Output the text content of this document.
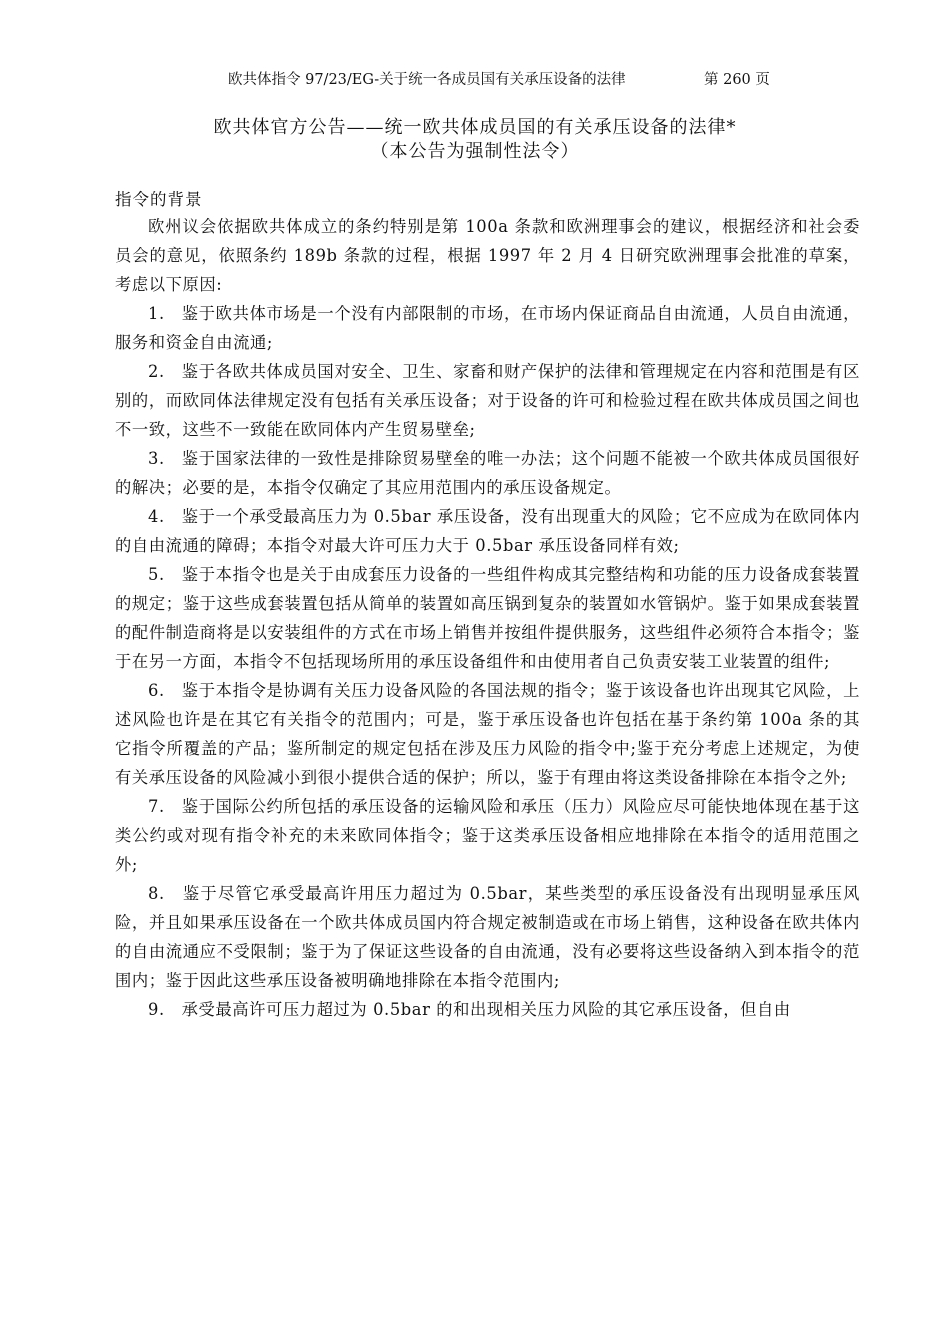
欧共体指令 97/23/EG-关于统一各成员国有关承压设备的法律	第 260 页
欧共体官方公告——统一欧共体成员国的有关承压设备的法律*
（本公告为强制性法令）
指令的背景

欧州议会依据欧共体成立的条约特别是第 100a 条款和欧洲理事会的建议，根据经济和社会委员会的意见，依照条约 189b 条款的过程，根据 1997 年 2 月 4 日研究欧洲理事会批准的草案，考虑以下原因:

1.　鉴于欧共体市场是一个没有内部限制的市场，在市场内保证商品自由流通，人员自由流通，服务和资金自由流通;

2.　鉴于各欧共体成员国对安全、卫生、家畜和财产保护的法律和管理规定在内容和范围是有区别的，而欧同体法律规定没有包括有关承压设备；对于设备的许可和检验过程在欧共体成员国之间也不一致，这些不一致能在欧同体内产生贸易壁垒;

3.　鉴于国家法律的一致性是排除贸易壁垒的唯一办法；这个问题不能被一个欧共体成员国很好的解决；必要的是，本指令仅确定了其应用范围内的承压设备规定。

4.　鉴于一个承受最高压力为 0.5bar 承压设备，没有出现重大的风险；它不应成为在欧同体内的自由流通的障碍；本指令对最大许可压力大于 0.5bar 承压设备同样有效;

5.　鉴于本指令也是关于由成套压力设备的一些组件构成其完整结构和功能的压力设备成套装置的规定；鉴于这些成套装置包括从简单的装置如高压锅到复杂的装置如水管锅炉。鉴于如果成套装置的配件制造商将是以安装组件的方式在市场上销售并按组件提供服务，这些组件必须符合本指令；鉴于在另一方面，本指令不包括现场所用的承压设备组件和由使用者自己负责安装工业装置的组件;

6.　鉴于本指令是协调有关压力设备风险的各国法规的指令；鉴于该设备也许出现其它风险，上述风险也许是在其它有关指令的范围内；可是，鉴于承压设备也许包括在基于条约第 100a 条的其它指令所覆盖的产品；鉴所制定的规定包括在涉及压力风险的指令中;鉴于充分考虑上述规定，为使有关承压设备的风险减小到很小提供合适的保护；所以，鉴于有理由将这类设备排除在本指令之外;

7.　鉴于国际公约所包括的承压设备的运输风险和承压（压力）风险应尽可能快地体现在基于这类公约或对现有指令补充的未来欧同体指令；鉴于这类承压设备相应地排除在本指令的适用范围之外;

8.　鉴于尽管它承受最高许用压力超过为 0.5bar，某些类型的承压设备没有出现明显承压风险，并且如果承压设备在一个欧共体成员国内符合规定被制造或在市场上销售，这种设备在欧共体内的自由流通应不受限制；鉴于为了保证这些设备的自由流通，没有必要将这些设备纳入到本指令的范围内；鉴于因此这些承压设备被明确地排除在本指令范围内;

9.　承受最高许可压力超过为 0.5bar 的和出现相关压力风险的其它承压设备，但自由
